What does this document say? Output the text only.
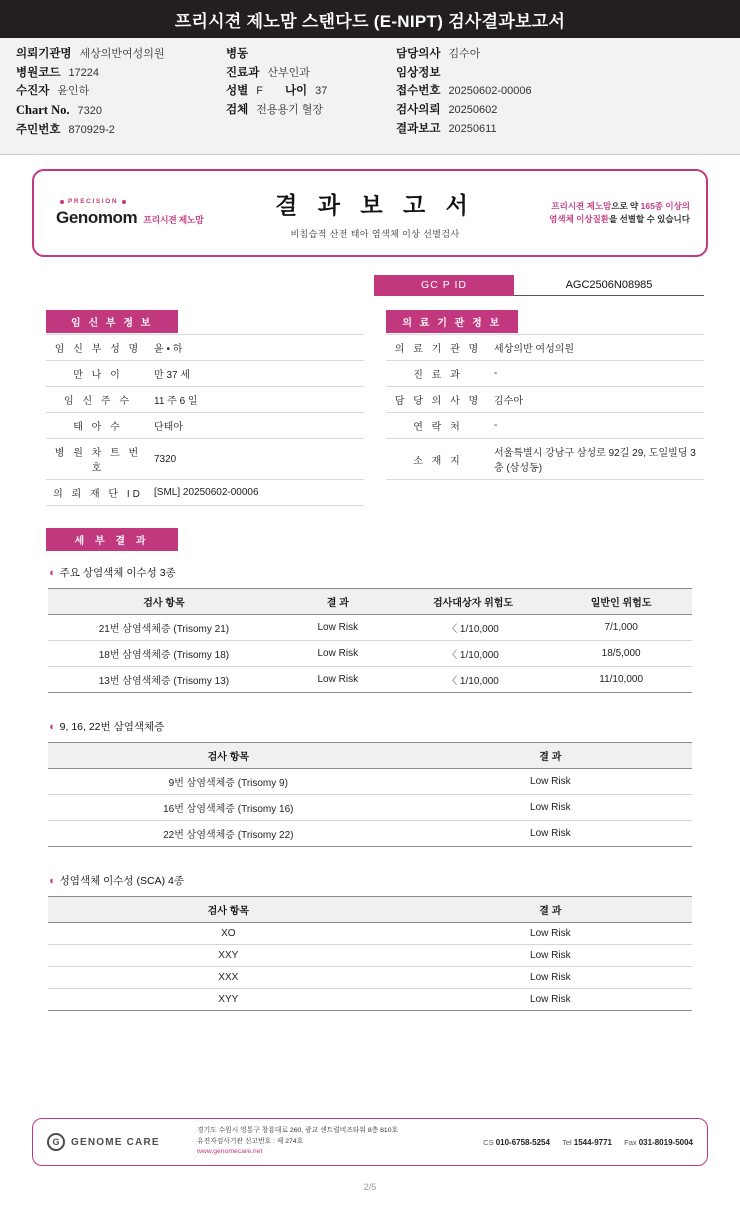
프리시젼 제노맘 스탠다드 (E-NIPT) 검사결과보고서
의뢰기관명 세상의반여성의원
병원코드 17224
수진자 윤인하
Chart No. 7320
주민번호 870929-2
병동
진료과 산부인과
성별 F 나이 37
검체 전용용기 혈장
담당의사 김수아
임상정보
접수번호 20250602-00006
검사의뢰 20250602
결과보고 20250611
PRECISION
Genomom 프리시젼 제노맘
결 과 보 고 서
비침습적 산전 태아 염색체 이상 선별검사
프리시젼 제노맘으로 약 165종 이상의
염색체 이상질환을 선별할 수 있습니다
GC P ID	AGC2506N08985
임 신 부 정 보
임 신 부 성 명	윤 • 하
만 나 이	만 37 세
임 신 주 수	11 주 6 일
태 아 수	단태아
병 원 차 트 번 호	7320
의 뢰 재 단 ID	[SML] 20250602-00006
의 료 기 관 정 보
의 료 기 관 명	세상의반 여성의원
진 료 과	-
담 당 의 사 명	김수아
연 락 처	-
소 재 지	서울특별시 강남구 삼성로 92길 29, 도일빌딩 3층 (삼성동)
세 부 결 과
◖ 주요 상염색체 이수성 3종
검사 항목	결 과	검사대상자 위험도	일반인 위험도
21번 삼염색체증 (Trisomy 21)	Low Risk	〈 1/10,000	7/1,000
18번 삼염색체증 (Trisomy 18)	Low Risk	〈 1/10,000	18/5,000
13번 삼염색체증 (Trisomy 13)	Low Risk	〈 1/10,000	11/10,000
◖ 9, 16, 22번 삼염색체증
검사 항목	결 과
9번 삼염색체증 (Trisomy 9)	Low Risk
16번 삼염색체증 (Trisomy 16)	Low Risk
22번 삼염색체증 (Trisomy 22)	Low Risk
◖ 성염색체 이수성 (SCA) 4종
검사 항목	결 과
XO	Low Risk
XXY	Low Risk
XXX	Low Risk
XYY	Low Risk
G	GENOME CARE
경기도 수원시 영통구 창룡대로 260, 광교 센트럴비즈타워 8층 810호
유전자검사기관 신고번호 : 제 274호
www.genomecare.net
CS 010-6758-5254 Tel 1544-9771 Fax 031-8019-5004
2/5
